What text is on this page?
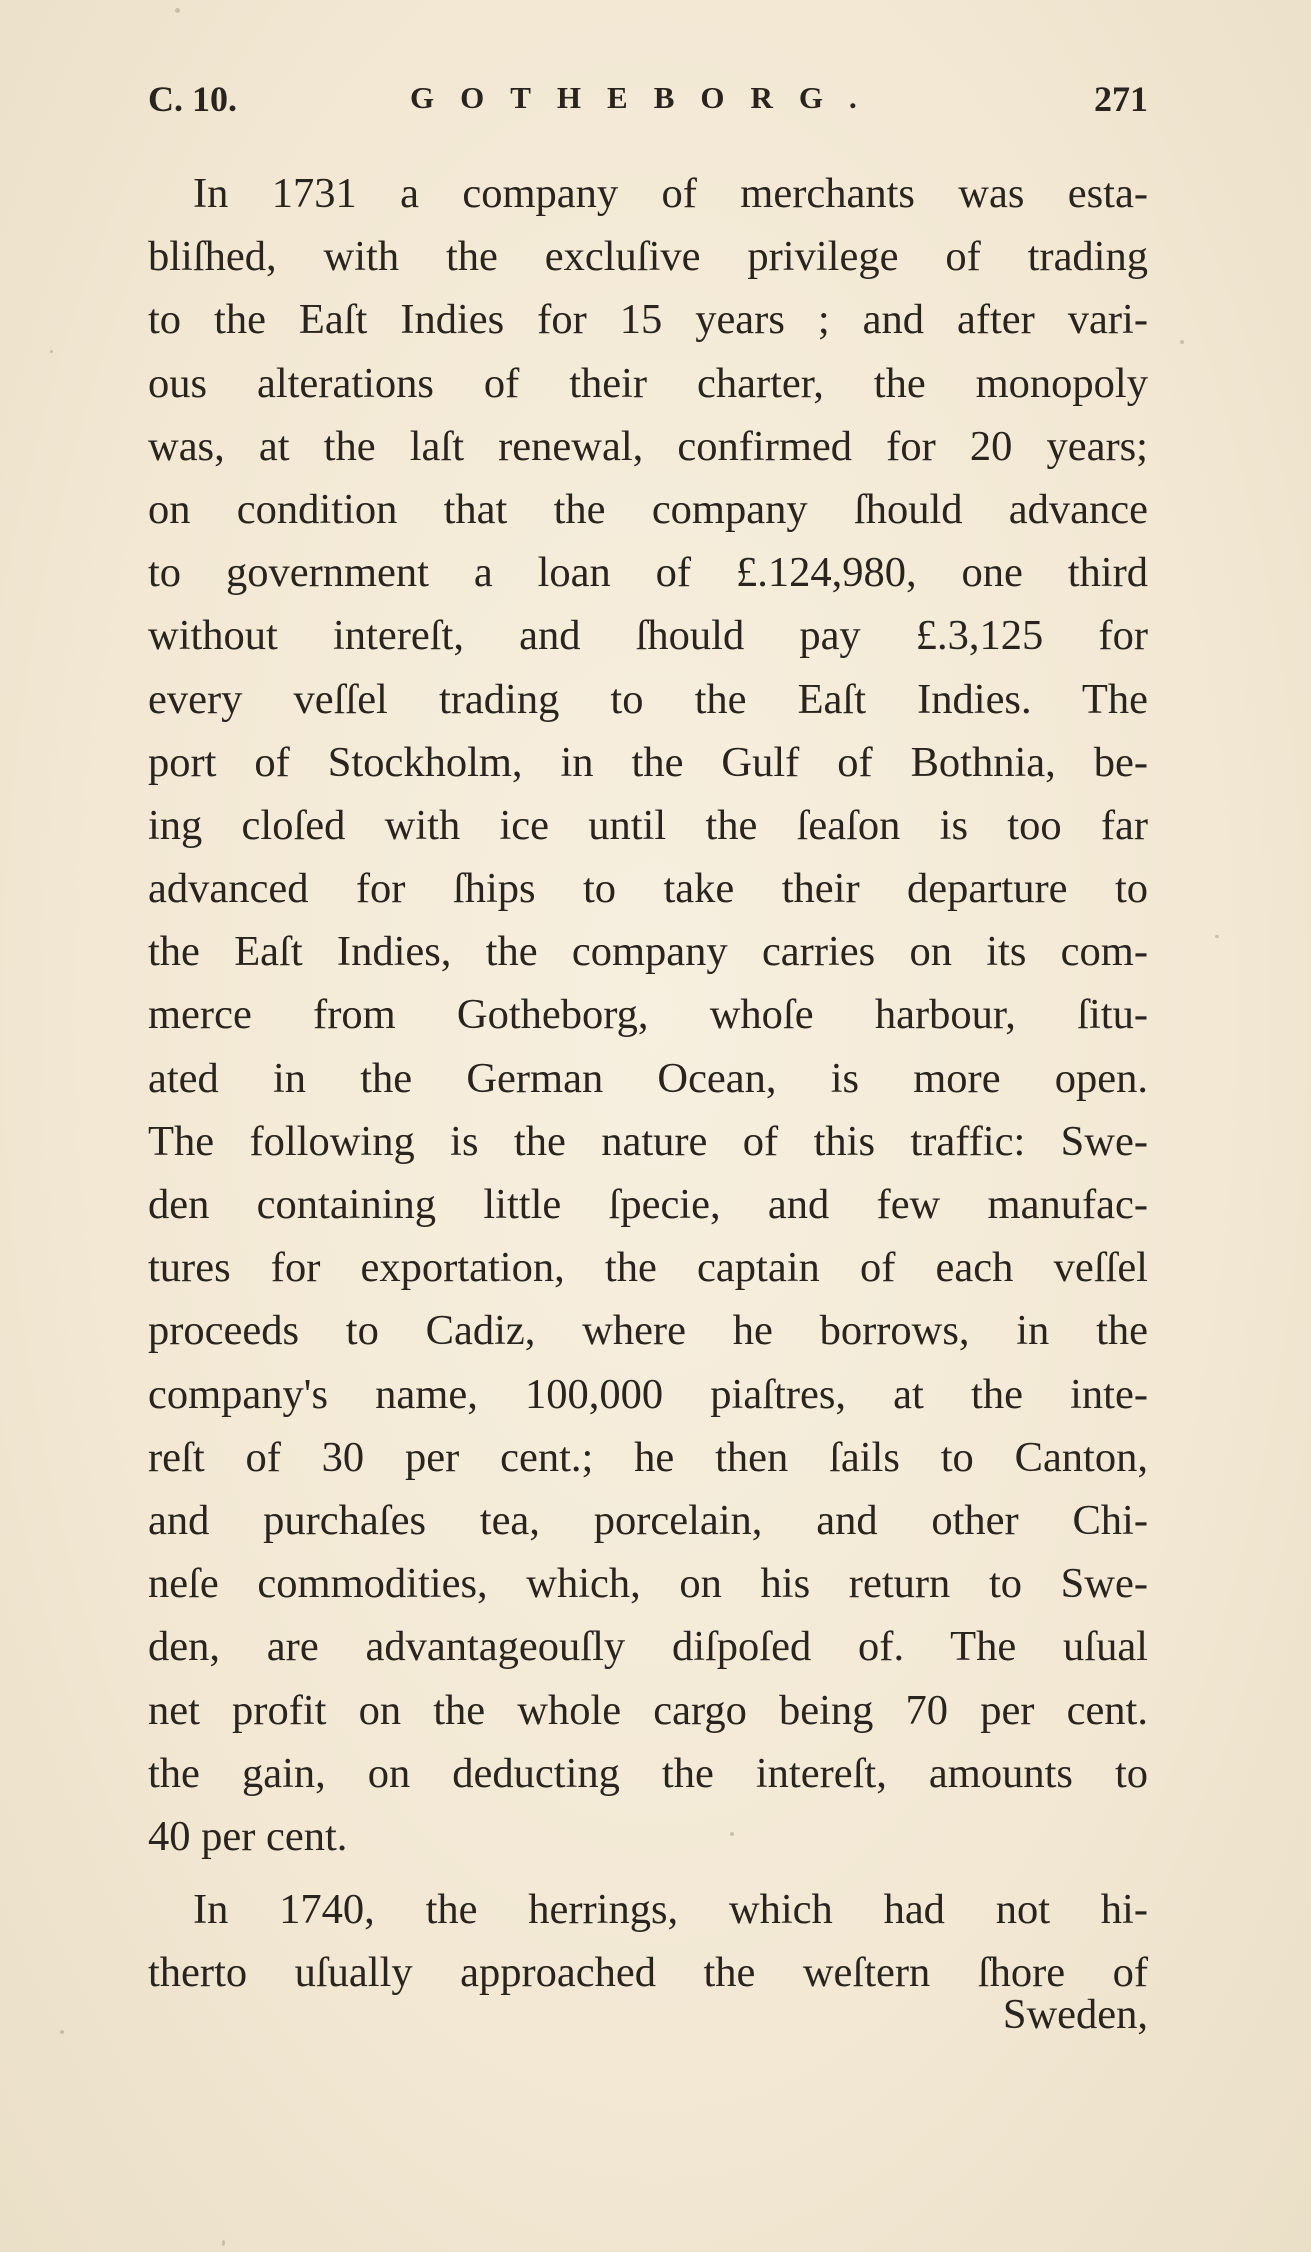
C. 10.	GOTHEBORG.	271
In 1731 a company of merchants was esta-
bliſhed, with the excluſive privilege of trading
to the Eaſt Indies for 15 years ; and after vari-
ous alterations of their charter, the monopoly
was, at the laſt renewal, confirmed for 20 years;
on condition that the company ſhould advance
to government a loan of £.124,980, one third
without intereſt, and ſhould pay £.3,125 for
every veſſel trading to the Eaſt Indies. The
port of Stockholm, in the Gulf of Bothnia, be-
ing cloſed with ice until the ſeaſon is too far
advanced for ſhips to take their departure to
the Eaſt Indies, the company carries on its com-
merce from Gotheborg, whoſe harbour, ſitu-
ated in the German Ocean, is more open.
The following is the nature of this traffic: Swe-
den containing little ſpecie, and few manufac-
tures for exportation, the captain of each veſſel
proceeds to Cadiz, where he borrows, in the
company's name, 100,000 piaſtres, at the inte-
reſt of 30 per cent.; he then ſails to Canton,
and purchaſes tea, porcelain, and other Chi-
neſe commodities, which, on his return to Swe-
den, are advantageouſly diſpoſed of. The uſual
net profit on the whole cargo being 70 per cent.
the gain, on deducting the intereſt, amounts to
40 per cent.
In 1740, the herrings, which had not hi-
therto uſually approached the weſtern ſhore of
Sweden,
